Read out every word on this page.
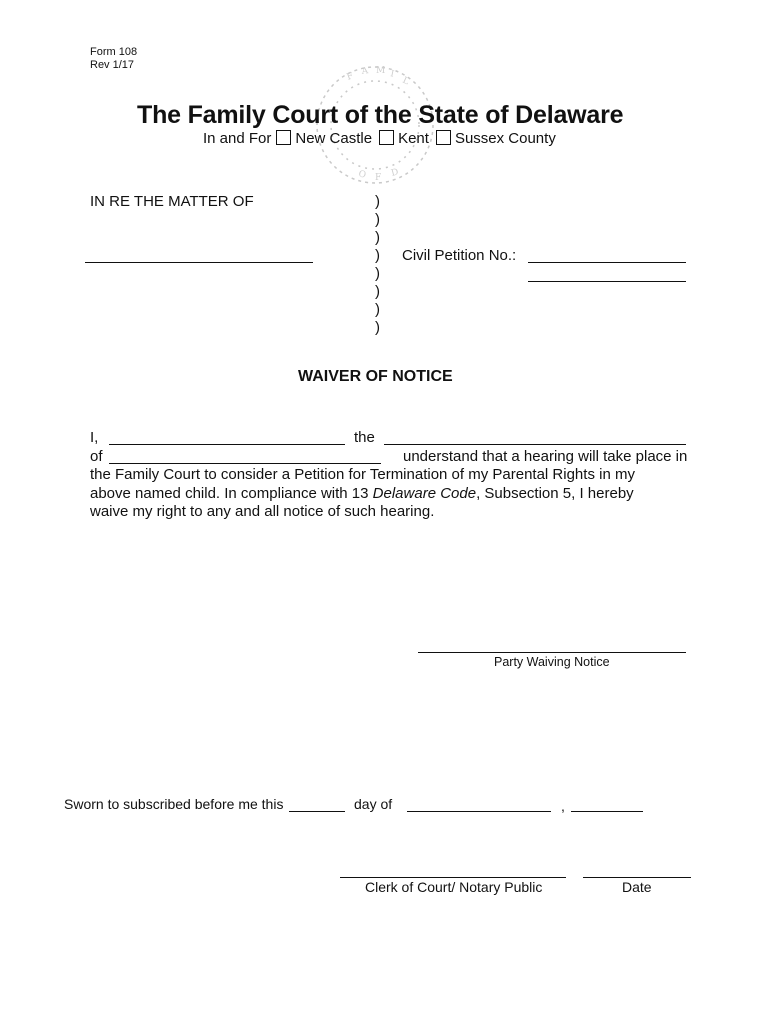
F A M I
L
O F D
Form 108
Rev 1/17
The Family Court of the State of Delaware
In and For New Castle Kent Sussex County
IN RE THE MATTER OF	)
)
)
)
)
)
)
)
Civil Petition No.:
WAIVER OF NOTICE
I,	the
of	understand that a hearing will take place in
the Family Court to consider a Petition for Termination of my Parental Rights in my
above named child. In compliance with 13 Delaware Code, Subsection 5, I hereby
waive my right to any and all notice of such hearing.
Party Waiving Notice
Sworn to subscribed before me this	day of	,
Clerk of Court/ Notary Public	Date
